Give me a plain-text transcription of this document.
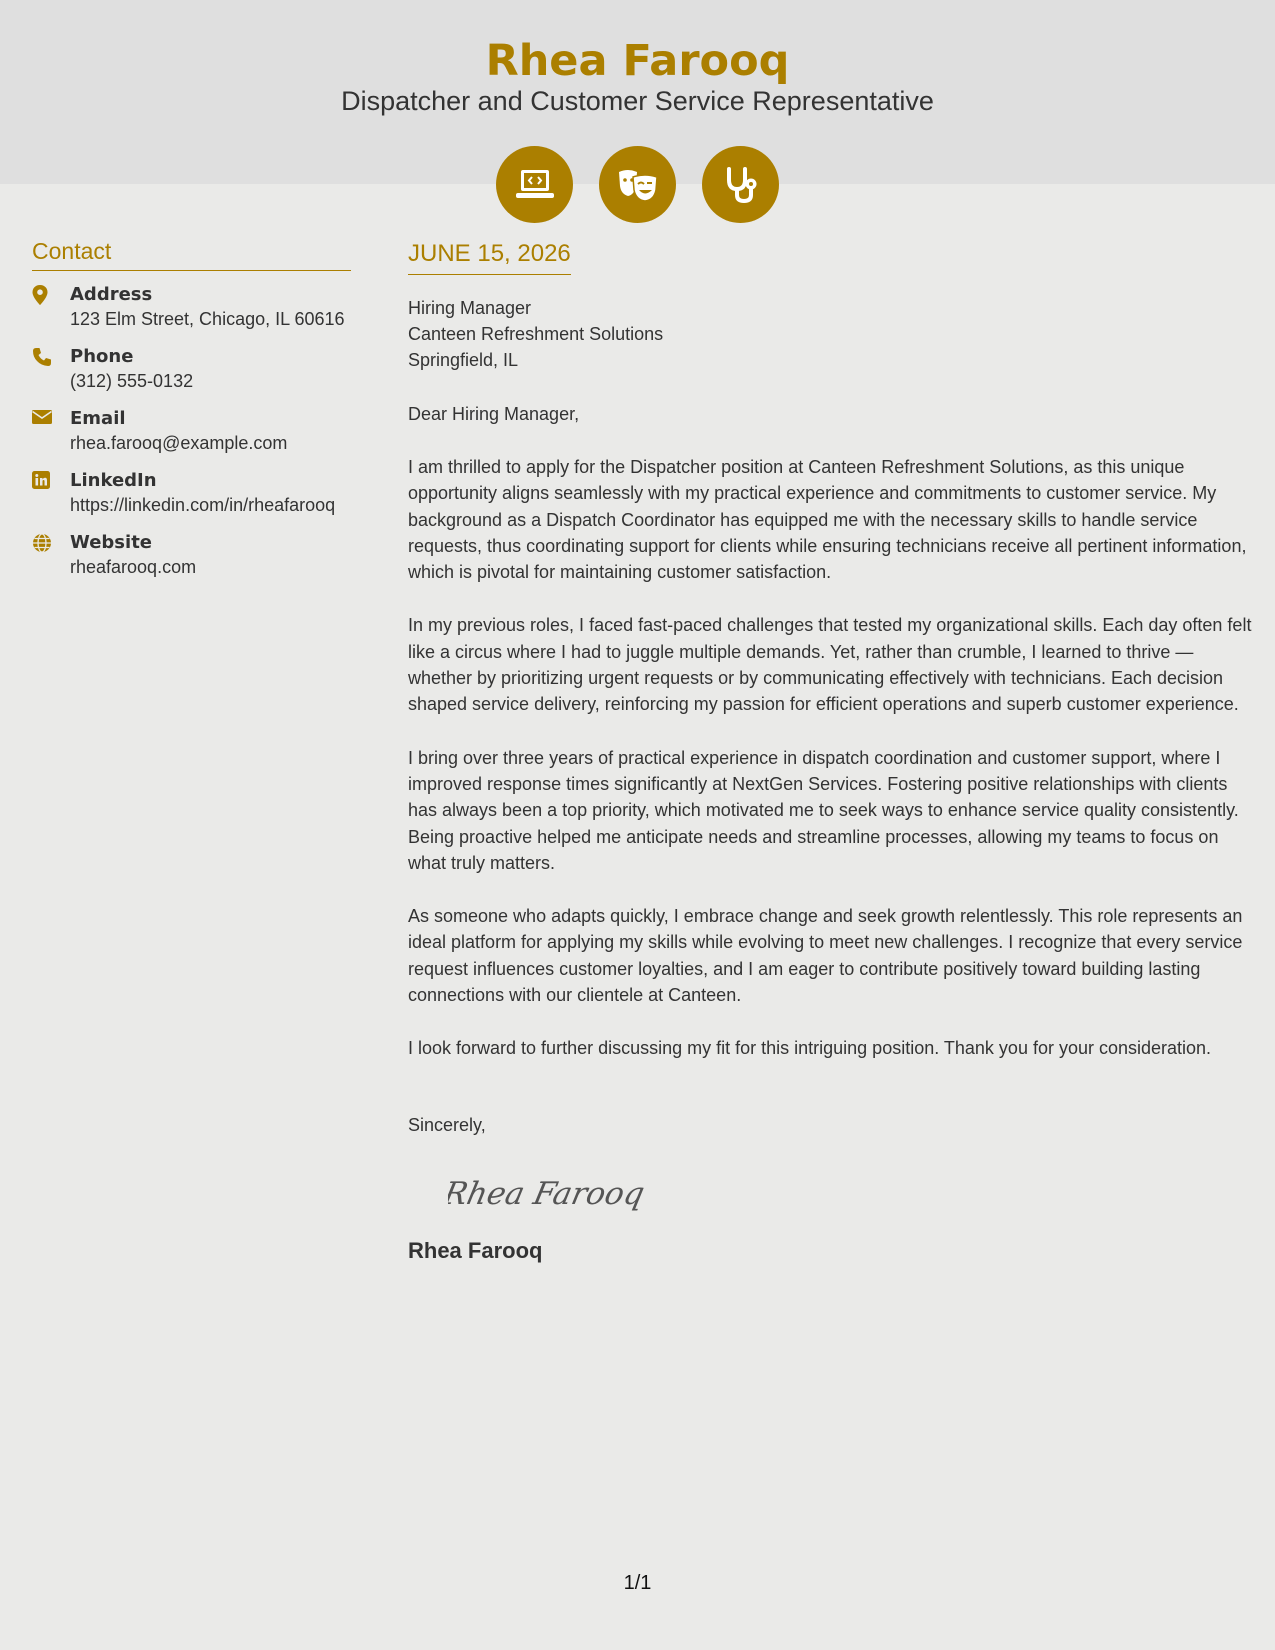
Rhea Farooq
Dispatcher and Customer Service Representative
Contact
Address
123 Elm Street, Chicago, IL 60616
Phone
(312) 555-0132
Email
rhea.farooq@example.com
LinkedIn
https://linkedin.com/in/rheafarooq
Website
rheafarooq.com
JUNE 15, 2026
Hiring Manager
Canteen Refreshment Solutions
Springfield, IL
Dear Hiring Manager,
I am thrilled to apply for the Dispatcher position at Canteen Refreshment Solutions, as this unique opportunity aligns seamlessly with my practical experience and commitments to customer service. My background as a Dispatch Coordinator has equipped me with the necessary skills to handle service requests, thus coordinating support for clients while ensuring technicians receive all pertinent information, which is pivotal for maintaining customer satisfaction.
In my previous roles, I faced fast-paced challenges that tested my organizational skills. Each day often felt like a circus where I had to juggle multiple demands. Yet, rather than crumble, I learned to thrive — whether by prioritizing urgent requests or by communicating effectively with technicians. Each decision shaped service delivery, reinforcing my passion for efficient operations and superb customer experience.
I bring over three years of practical experience in dispatch coordination and customer support, where I improved response times significantly at NextGen Services. Fostering positive relationships with clients has always been a top priority, which motivated me to seek ways to enhance service quality consistently. Being proactive helped me anticipate needs and streamline processes, allowing my teams to focus on what truly matters.
As someone who adapts quickly, I embrace change and seek growth relentlessly. This role represents an ideal platform for applying my skills while evolving to meet new challenges. I recognize that every service request influences customer loyalties, and I am eager to contribute positively toward building lasting connections with our clientele at Canteen.
I look forward to further discussing my fit for this intriguing position. Thank you for your consideration.
Sincerely,
Rhea Farooq
Rhea Farooq
1/1
